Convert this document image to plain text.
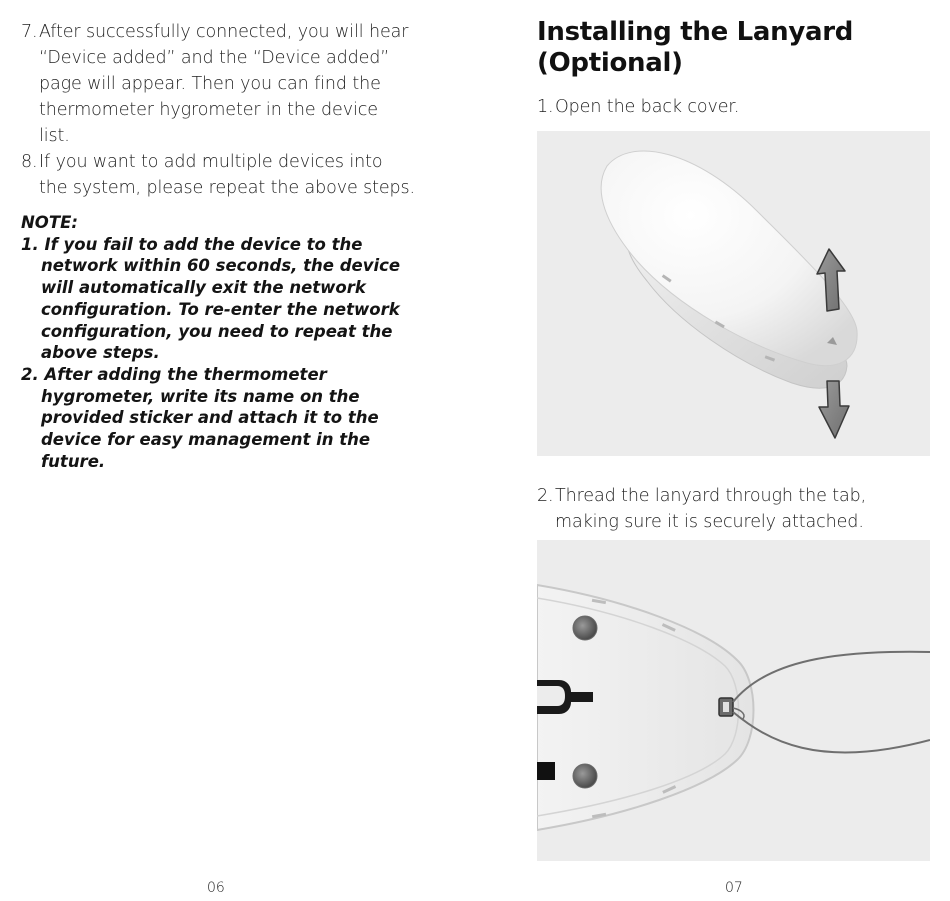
7.After successfully connected, you will hear
“Device added” and the “Device added”
page will appear. Then you can find the
thermometer hygrometer in the device
list.
8.If you want to add multiple devices into
the system, please repeat the above steps.
NOTE:
1. If you fail to add the device to the
network within 60 seconds, the device
will automatically exit the network
configuration. To re-enter the network
configuration, you need to repeat the
above steps.
2. After adding the thermometer
hygrometer, write its name on the
provided sticker and attach it to the
device for easy management in the
future.
06
Installing the Lanyard
(Optional)
1.Open the back cover.
2.Thread the lanyard through the tab,
making sure it is securely attached.
07
